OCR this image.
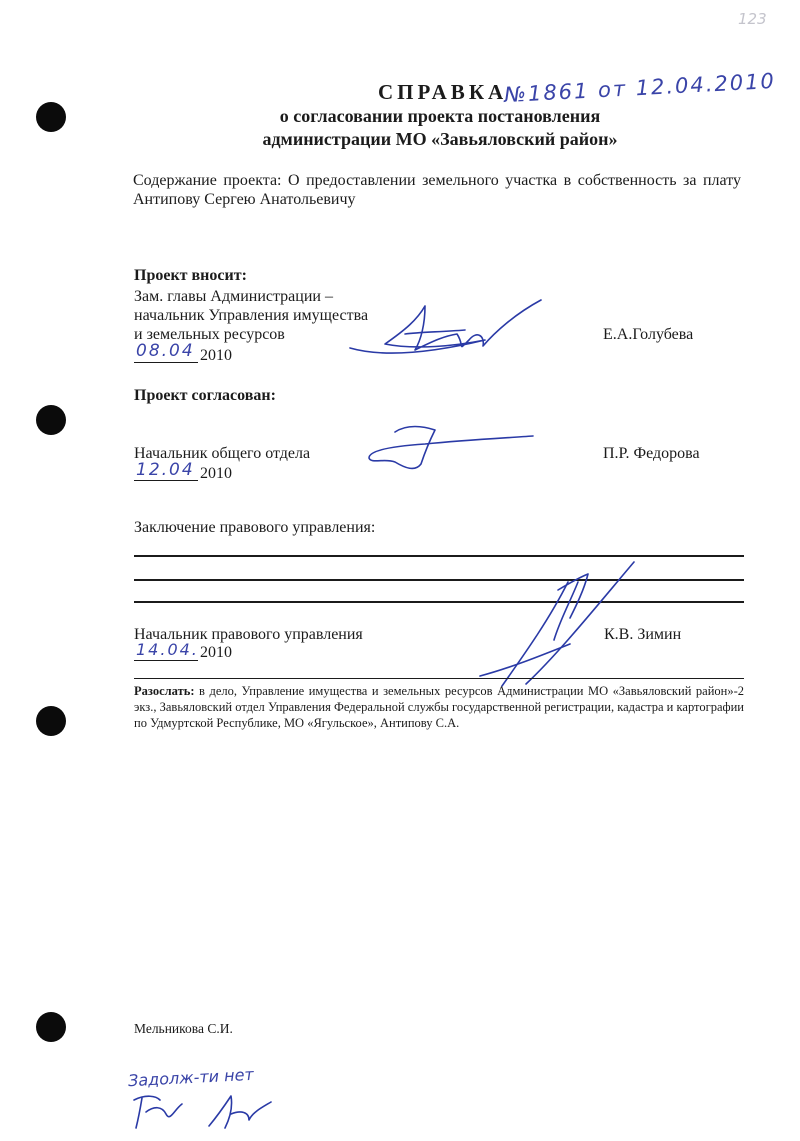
123
СПРАВКА
№1861 от 12.04.2010
о согласовании проекта постановления
администрации МО «Завьяловский район»
Содержание проекта: О предоставлении земельного участка в собственность за плату Антипову Сергею Анатольевичу
Проект вносит:
Зам. главы Администрации –
начальник Управления имущества
и земельных ресурсов
08.04 2010
Е.А.Голубева
Проект согласован:
Начальник общего отдела
12.04 2010
П.Р. Федорова
Заключение правового управления:
Начальник правового управления
14.04. 2010
К.В. Зимин
Разослать: в дело, Управление имущества и земельных ресурсов Администрации МО «Завьяловский район»-2 экз., Завьяловский отдел Управления Федеральной службы государственной регистрации, кадастра и картографии по Удмуртской Республике, МО «Ягульское», Антипову С.А.
Мельникова С.И.
Задолж-ти нет
